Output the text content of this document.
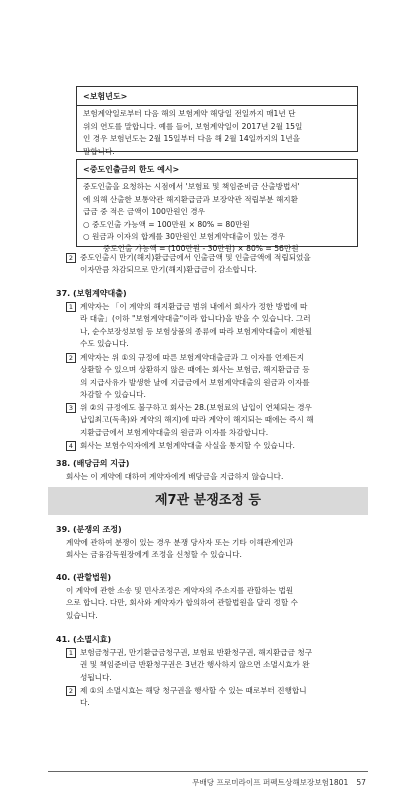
<보험년도>
보험계약일로부터 다음 해의 보험계약 해당일 전일까지 매1년 단
위의 연도를 말합니다. 예를 들어, 보험계약일이 2017년 2월 15일
인 경우 보험년도는 2월 15일부터 다음 해 2월 14일까지의 1년을
말합니다.
<중도인출금의 한도 예시>
중도인출을 요청하는 시점에서 '보험료 및 책임준비금 산출방법서'
에 의해 산출한 보통약관 해지환급금과 보장약관 적립부분 해지환
급금 중 적은 금액이 100만원인 경우
○ 중도인출 가능액 = 100만원 × 80% = 80만원
○ 원금과 이자의 합계를 30만원인 보험계약대출이 있는 경우
중도인출 가능액 = (100만원 - 30만원) × 80% = 56만원
2 중도인출시 만기(해지)환급금에서 인출금액 및 인출금액에 적립되었을
이자만큼 차감되므로 만기(해지)환급금이 감소합니다.
37. (보험계약대출)
1 계약자는 「이 계약의 해지환급금 범위 내에서 회사가 정한 방법에 따
라 대출」(이하 "보험계약대출"이라 합니다)을 받을 수 있습니다. 그러
나, 순수보장성보험 등 보험상품의 종류에 따라 보험계약대출이 제한될
수도 있습니다.
2 계약자는 위 ①의 규정에 따른 보험계약대출금과 그 이자를 언제든지
상환할 수 있으며 상환하지 않은 때에는 회사는 보험금, 해지환급금 등
의 지급사유가 발생한 날에 지급금에서 보험계약대출의 원금과 이자를
차감할 수 있습니다.
3 위 ②의 규정에도 불구하고 회사는 28.(보험료의 납입이 연체되는 경우
납입최고(독촉)와 계약의 해지)에 따라 계약이 해지되는 때에는 즉시 해
지환급금에서 보험계약대출의 원금과 이자를 차감합니다.
4 회사는 보험수익자에게 보험계약대출 사실을 통지할 수 있습니다.
38. (배당금의 지급)
회사는 이 계약에 대하여 계약자에게 배당금을 지급하지 않습니다.
제7관 분쟁조정 등
39. (분쟁의 조정)
계약에 관하여 분쟁이 있는 경우 분쟁 당사자 또는 기타 이해관계인과
회사는 금융감독원장에게 조정을 신청할 수 있습니다.
40. (관할법원)
이 계약에 관한 소송 및 민사조정은 계약자의 주소지를 관할하는 법원
으로 합니다. 다만, 회사와 계약자가 합의하여 관할법원을 달리 정할 수
있습니다.
41. (소멸시효)
1 보험금청구권, 만기환급금청구권, 보험료 반환청구권, 해지환급금 청구
권 및 책임준비금 반환청구권은 3년간 행사하지 않으면 소멸시효가 완
성됩니다.
2 제 ①의 소멸시효는 해당 청구권을 행사할 수 있는 때로부터 진행합니
다.
무배당 프로미라이프 퍼펙트상해보장보험1801 57
